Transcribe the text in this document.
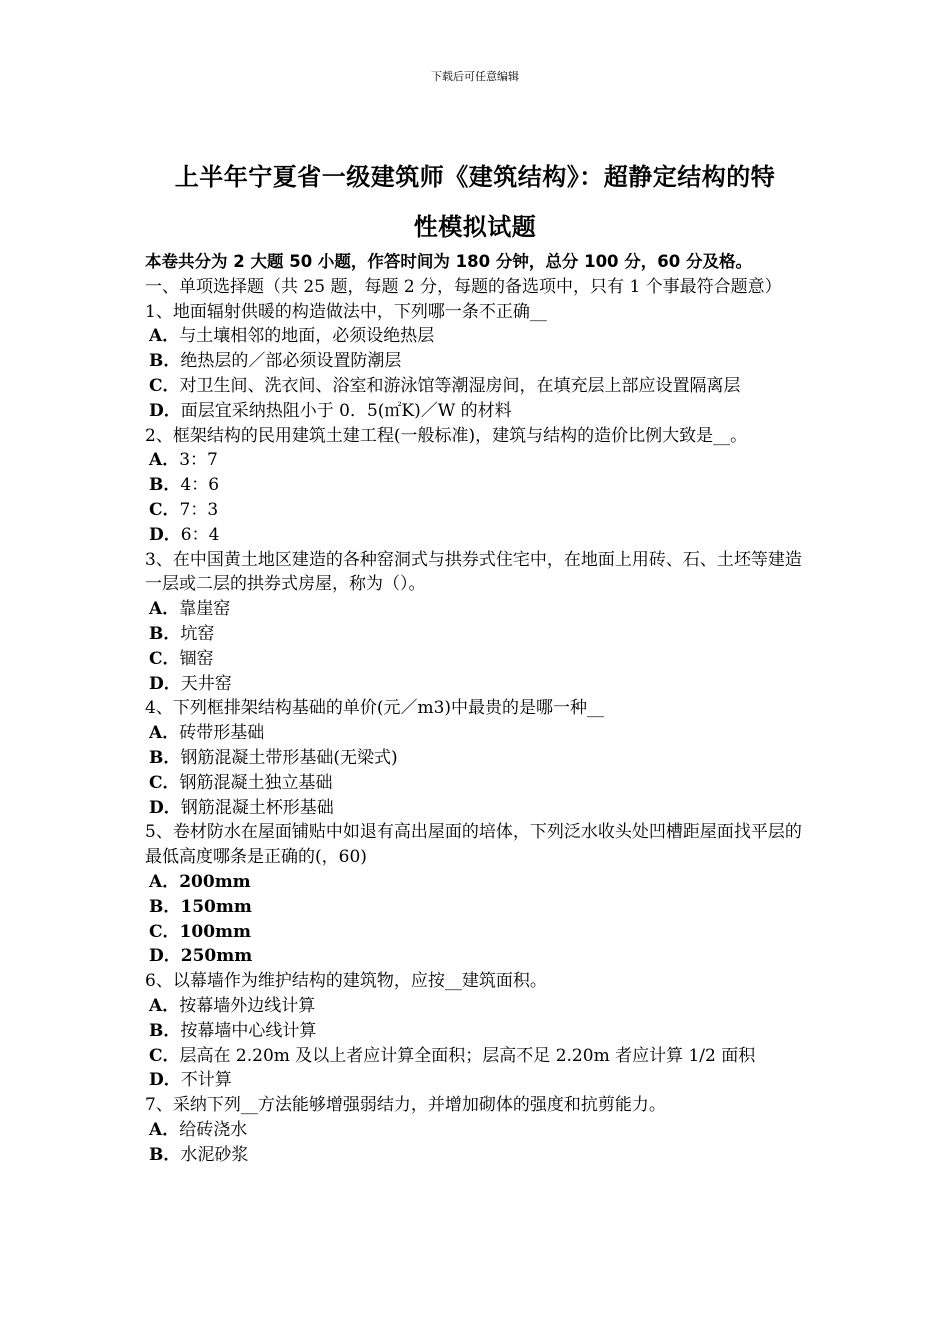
下载后可任意编辑
上半年宁夏省一级建筑师《建筑结构》：超静定结构的特
性模拟试题

本卷共分为 2 大题 50 小题，作答时间为 180 分钟，总分 100 分，60 分及格。

一、单项选择题（共 25 题，每题 2 分，每题的备选项中，只有 1 个事最符合题意）

1、地面辐射供暖的构造做法中，下列哪一条不正确__

A．与土壤相邻的地面，必须设绝热层

B．绝热层的／部必须设置防潮层

C．对卫生间、洗衣间、浴室和游泳馆等潮湿房间，在填充层上部应设置隔离层

D．面层宜采纳热阻小于 0．5(㎡K)／W 的材料

2、框架结构的民用建筑土建工程(一般标准)，建筑与结构的造价比例大致是__。

A．3：7

B．4：6

C．7：3

D．6：4

3、在中国黄土地区建造的各种窑洞式与拱券式住宅中，在地面上用砖、石、土坯等建造一层或二层的拱券式房屋，称为（）。

A．靠崖窑

B．坑窑

C．锢窑

D．天井窑

4、下列框排架结构基础的单价(元／m3)中最贵的是哪一种__

A．砖带形基础

B．钢筋混凝土带形基础(无梁式)

C．钢筋混凝土独立基础

D．钢筋混凝土杯形基础

5、卷材防水在屋面铺贴中如退有高出屋面的培体，下列泛水收头处凹槽距屋面找平层的最低高度哪条是正确的(，60)

A．200mm

B．150mm

C．100mm

D．250mm

6、以幕墙作为维护结构的建筑物，应按__建筑面积。

A．按幕墙外边线计算

B．按幕墙中心线计算

C．层高在 2.20m 及以上者应计算全面积；层高不足 2.20m 者应计算 1/2 面积

D．不计算

7、采纳下列__方法能够增强弱结力，并增加砌体的强度和抗剪能力。

A．给砖浇水

B．水泥砂浆
